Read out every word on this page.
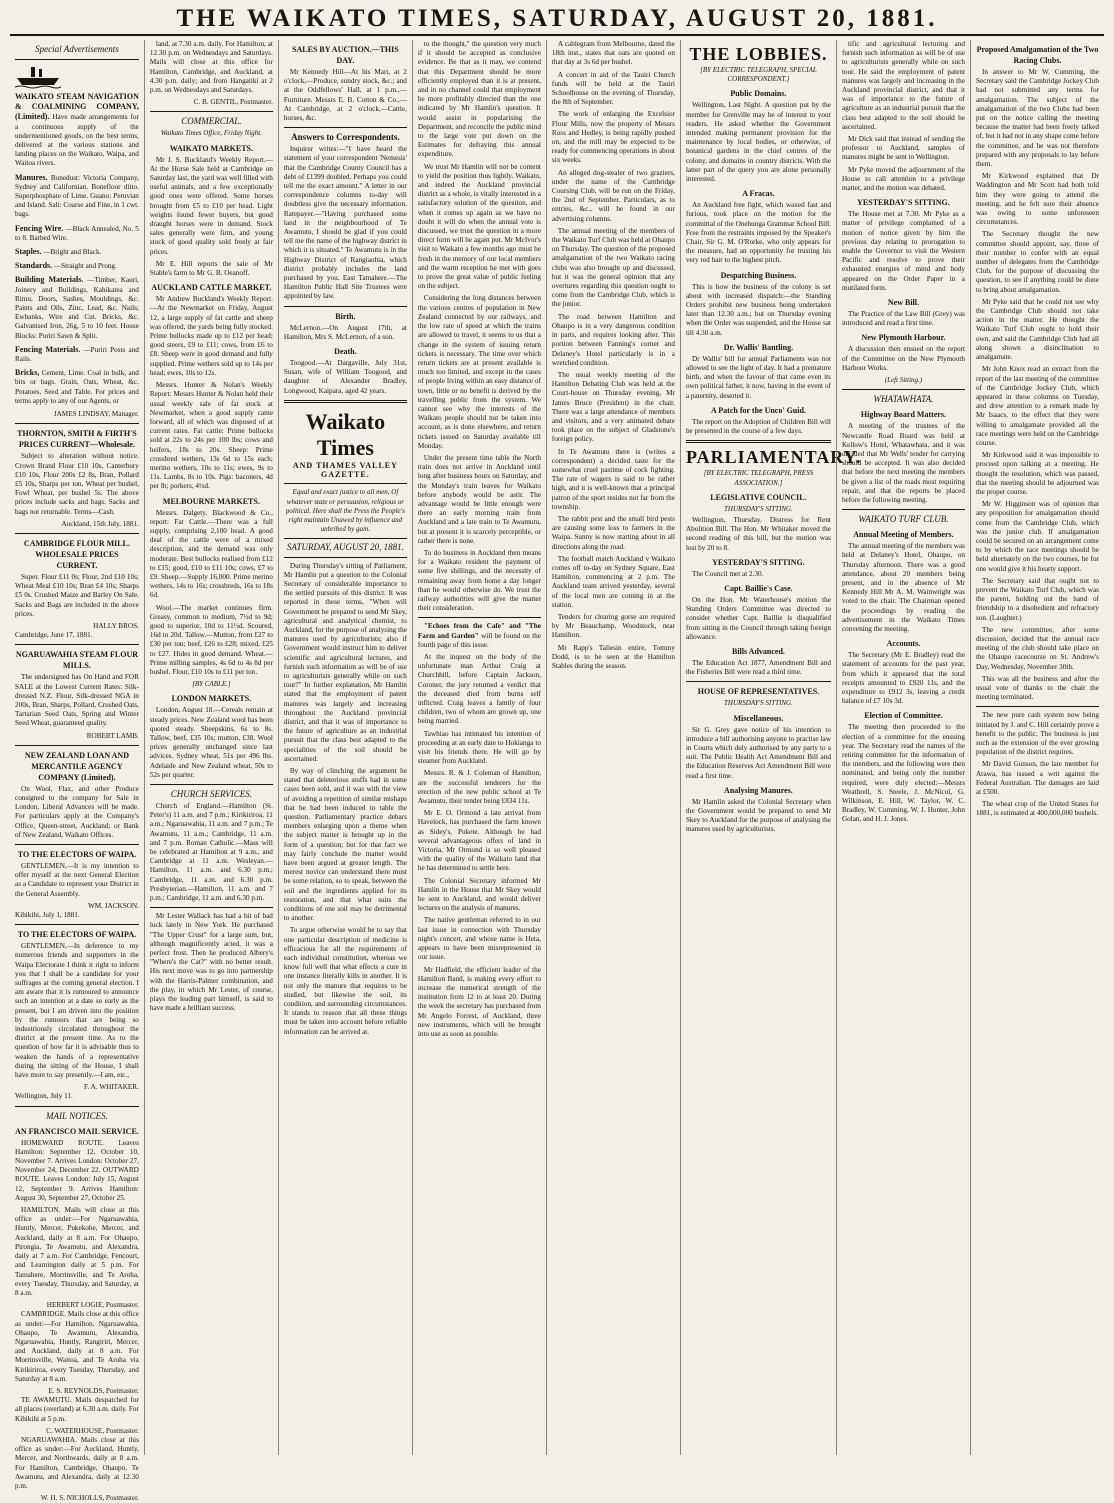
THE WAIKATO TIMES, SATURDAY, AUGUST 20, 1881.
Special Advertisements
WAIKATO STEAM NAVIGATION & COALMINING COMPANY, (Limited). Have made arrangements for a continuous supply of the undermentioned goods, on the best terms, delivered at the various stations and landing places on the Waikato, Waipa, and Waitoa rivers.
Manures. Bonedust: Victoria Company, Sydney and Californian. Bonefloor ditto. Superphosphate of Lime. Guano: Peruvian and Island. Salt: Coarse and Fine, in 1 cwt. bags.
Fencing Wire. —Black Annealed, No. 5 to 8. Barbed Wire.
Staples. —Bright and Black.
Standards. —Straight and Prong.
Building Materials. —Timber, Kauri, Joinery and Buildings, Kahikatea and Rimu, Doors, Sashes, Mouldings, &c. Paints and Oils, Zinc, Lead, &c. Nails; Ewbanks, Wire and Cut. Bricks, &c. Galvanised Iron, 26g, 5 to 10 feet. House Blocks: Puriri Sawn & Split.
Fencing Materials. —Puriri Posts and Rails.
Bricks, Cement, Lime. Coal in bulk, and bits or bags. Grain, Oats, Wheat, &c. Potatoes, Seed and Table. For prices and terms apply to any of our Agents, or
JAMES LINDSAY, Manager.
THORNTON, SMITH & FIRTH'S PRICES CURRENT—Wholesale.

Subject to alteration without notice. Crown Brand Flour £10 10s, Canterbury £10 10s, Flour 200s £2 8s, Bran, Pollard £5 10s, Sharps per ton, Wheat per bushel, Fowl Wheat, per bushel 5s. The above prices include sacks and bags. Sacks and bags not returnable. Terms—Cash.

Auckland, 15th July, 1881.
CAMBRIDGE FLOUR MILL. WHOLESALE PRICES CURRENT.

Super. Flour £11 0s; Flour, 2nd £10 10s; Wheat Meal £10 10s; Bran £4 10s; Sharps £5 0s. Crushed Maize and Barley On Sale. Sacks and Bags are included in the above prices.

HALLY BROS.
Cambridge, June 17, 1881.
NGARUAWAHIA STEAM FLOUR MILLS.

The undersigned has On Hand and FOR SALE at the Lowest Current Rates: Silk-dressed N.Z. Flour, Silk-dressed NGA in 200s, Bran, Sharps, Pollard, Crushed Oats, Tartarian Seed Oats, Spring and Winter Seed Wheat, guaranteed quality.

ROBERT LAMB.
NEW ZEALAND LOAN AND MERCANTILE AGENCY COMPANY (Limited).

On Wool, Flax, and other Produce consigned to the company for Sale in London, Liberal Advances will be made. For particulars apply at the Company's Office, Queen-street, Auckland; or Bank of New Zealand, Waikato Offices.

TO THE ELECTORS OF WAIPA.

GENTLEMEN,—It is my intention to offer myself at the next General Election as a Candidate to represent your District in the General Assembly.

WM. JACKSON.
Kihikihi, July 1, 1881.
TO THE ELECTORS OF WAIPA.

GENTLEMEN,—In deference to my numerous friends and supporters in the Waipa Electorate I think it right to inform you that I shall be a candidate for your suffrages at the coming general election. I am aware that it is rumoured to announce such an intention at a date so early as the present, but I am driven into the position by the rumours that are being so industriously circulated throughout the district at the present time. As to the question of how far it is advisable thus to weaken the hands of a representative during the sitting of the House, I shall have more to say presently.—I am, etc.,

F. A. WHITAKER.
Wellington, July 11.
MAIL NOTICES.
AN FRANCISCO MAIL SERVICE.

HOMEWARD ROUTE. Leaves Hamilton: September 12, October 10, November 7. Arrives London: October 27, November 24, December 22. OUTWARD ROUTE. Leaves London: July 15, August 12, September 9. Arrives Hamilton: August 30, September 27, October 25.

HAMILTON. Mails will close at this office as under:—For Ngaruawahia, Huntly, Mercer, Pukekohe, Mercer, and Auckland, daily at 8 a.m. For Ohaupo, Pirongia, Te Awamutu, and Alexandra, daily at 7 a.m. For Cambridge, Fencourt, and Leamington daily at 5 p.m. For Tamahere, Morrinsville, and Te Aroha, every Tuesday, Thursday, and Saturday, at 8 a.m.

HERBERT LOGIE, Postmaster.

CAMBRIDGE. Mails close at this office as under:—For Hamilton, Ngaruawahia, Ohaupo, Te Awamutu, Alexandra, Ngaruawahia, Huntly, Rangiriri, Mercer, and Auckland, daily at 8 a.m. For Morrinsville, Waitoa, and Te Aroha via Kirikiriroa, every Tuesday, Thursday, and Saturday at 8 a.m.

E. S. REYNOLDS, Postmaster.

TE AWAMUTU. Mails despatched for all places (overland) at 6.30 a.m. daily. For Kihikihi at 5 p.m.

C. WATERHOUSE, Postmaster.

NGARUAWAHIA. Mails close at this office as under:—For Auckland, Huntly, Mercer, and Northwards, daily at 8 a.m. For Hamilton, Cambridge, Ohaupo, Te Awamutu, and Alexandra, daily at 12.30 p.m.

W. H. S. NICHOLLS, Postmaster.

land, at 7.30 a.m. daily. For Hamilton, at 12.30 p.m. on Wednesdays and Saturdays. Mails will close at this office for Hamilton, Cambridge, and Auckland, at 4.30 p.m. daily; and from Hangatiki at 2 p.m. on Wednesdays and Saturdays.

C. B. GENTIL, Postmaster.
COMMERCIAL.
Waikato Times Office, Friday Night.
WAIKATO MARKETS.

Mr J. S. Buckland's Weekly Report.—At the Horse Sale held at Cambridge on Saturday last, the yard was well filled with useful animals, and a few exceptionally good ones were offered. Some horses brought from £5 to £10 per head. Light weights found fewer buyers, but good draught horses were in demand. Stock sales generally were firm, and young stock of good quality sold freely at fair prices.

Mr E. Hill reports the sale of Mr Stable's farm to Mr G. B. Oeanoff.

AUCKLAND CATTLE MARKET.

Mr Andrew Buckland's Weekly Report.—At the Newmarket on Friday, August 12, a large supply of fat cattle and sheep was offered, the yards being fully stocked. Prime bullocks made up to £12 per head; good steers, £9 to £11; cows, from £6 to £8. Sheep were in good demand and fully supplied. Prime wethers sold up to 14s per head; ewes, 10s to 12s.

Messrs. Hunter & Nolan's Weekly Report: Messrs Hunter & Nolan held their usual weekly sale of fat stock at Newmarket, when a good supply came forward, all of which was disposed of at current rates. Fat cattle: Prime bullocks sold at 22s to 24s per 100 lbs; cows and heifers, 18s to 20s. Sheep: Prime crossbred wethers, 13s 6d to 15s each; merino wethers, 10s to 11s; ewes, 9s to 11s. Lambs, 8s to 10s. Pigs: baconers, 4d per lb; porkers, 4½d.

MELBOURNE MARKETS.

Messrs. Dalgety, Blackwood & Co., report: Fat Cattle.—There was a full supply, comprising 2,100 head. A good deal of the cattle were of a mixed description, and the demand was only moderate. Best bullocks realised from £12 to £15; good, £10 to £11 10s; cows, £7 to £9. Sheep.—Supply 16,000. Prime merino wethers, 14s to 16s; crossbreds, 16s to 18s 6d.

Wool.—The market continues firm. Greasy, common to medium, 7½d to 9d; good to superior, 10d to 11½d. Scoured, 16d to 20d. Tallow.—Mutton, from £27 to £30 per ton; beef, £26 to £28; mixed, £25 to £27. Hides in good demand. Wheat.—Prime milling samples, 4s 6d to 4s 8d per bushel. Flour, £10 10s to £11 per ton.

[BY CABLE.]
LONDON MARKETS.

London, August 18.—Cereals remain at steady prices. New Zealand wool has been quoted steady. Sheepskins, 6s to 8s. Tallow, beef, £35 10s; mutton, £38. Wool prices generally unchanged since last advices. Sydney wheat, 51s per 496 lbs. Adelaide and New Zealand wheat, 50s to 52s per quarter.

CHURCH SERVICES.

Church of England.—Hamilton (St. Peter's) 11 a.m. and 7 p.m.; Kirikiriroa, 11 a.m.; Ngaruawahia, 11 a.m. and 7 p.m.; Te Awamutu, 11 a.m.; Cambridge, 11 a.m. and 7 p.m. Roman Catholic.—Mass will be celebrated at Hamilton at 9 a.m., and Cambridge at 11 a.m. Wesleyan.—Hamilton, 11 a.m. and 6.30 p.m.; Cambridge, 11 a.m. and 6.30 p.m. Presbyterian.—Hamilton, 11 a.m. and 7 p.m.; Cambridge, 11 a.m. and 6.30 p.m.

Mr Lester Wallack has had a bit of bad luck lately in New York. He purchased "The Upper Crust" for a large sum, but, although magnificently acted, it was a perfect frost. Then he produced Albery's "Where's the Cat?" with no better result. His next move was to go into partnership with the Harris-Palmer combination, and the play, in which Mr Lester, of course, plays the leading part himself, is said to have made a brilliant success.

SALES BY AUCTION.—THIS DAY.

Mr Kennedy Hill—At his Mart, at 2 o'clock,—Produce, sundry stock, &c.; and at the Oddfellows' Hall, at 1 p.m.,—Furniture. Messrs E. B. Cotton & Co.,—At Cambridge, at 2 o'clock,—Cattle, horses, &c.

Answers to Correspondents.

Inquirer writes:—"I have heard the statement of your correspondent 'Nemesis' that the Cambridge County Council has a debt of £1399 doubled. Perhaps you could tell me the exact amount." A letter in our correspondence columns to-day will doubtless give the necessary information. Ratepayer.—"Having purchased some land in the neighbourhood of Te Awamutu, I should be glad if you could tell me the name of the highway district in which it is situated." Te Awamutu is in the Highway District of Rangiaohia, which district probably includes the land purchased by you. East Tamahere.—The Hamilton Public Hall Site Trustees were appointed by law.

Birth.

McLernon.—On August 17th, at Hamilton, Mrs S. McLernon, of a son.

Death.

Toogood.—At Dargaville, July 31st, Susan, wife of William Toogood, and daughter of Alexander Bradley, Longwood, Kaipara, aged 42 years.

Waikato Times
AND THAMES VALLEY GAZETTE.
Equal and exact justice to all men, Of whatever state or persuasion, religious or political. Here shall the Press the People's right maintain Unawed by influence and unbribed by gain.
SATURDAY, AUGUST 20, 1881.

During Thursday's sitting of Parliament, Mr Hamlin put a question to the Colonial Secretary of considerable importance to the settled pursuits of this district. It was reported in these terms, "When will Government be prepared to send Mr Skey, agricultural and analytical chemist, to Auckland, for the purpose of analysing the manures used by agriculturists; also if Government would instruct him to deliver scientific and agricultural lectures, and furnish such information as will be of use to agriculturists generally while on such tour?" In further explanation, Mr Hamlin stated that the employment of patent manures was largely and increasing throughout the Auckland provincial district, and that it was of importance to the future of agriculture as an industrial pursuit that the class best adapted to the specialities of the soil should be ascertained.

By way of clinching the argument he stated that deleterious stuffs had in some cases been sold, and it was with the view of avoiding a repetition of similar mishaps that he had been induced to table the question. Parliamentary practice debars members enlarging upon a theme when the subject matter is brought up in the form of a question; but for that fact we may fairly conclude the matter would have been argued at greater length. The merest novice can understand there must be some relation, so to speak, between the soil and the ingredients applied for its restoration, and that what suits the conditions of one soil may be detrimental to another.

To argue otherwise would be to say that one particular description of medicine is efficacious for all the requirements of each individual constitution, whereas we know full well that what effects a cure in one instance literally kills in another. It is not only the manure that requires to be studied, but likewise the soil, its condition, and surrounding circumstances. It stands to reason that all these things must be taken into account before reliable information can be arrived at.

to the thought," the question very much if it should be accepted as conclusive evidence. Be that as it may, we contend that this Department should be more efficiently employed than it is at present, and in no channel could that employment be more profitably directed than the one indicated by Mr Hamlin's question. It would assist in popularising the Department, and reconcile the public mind to the large vote put down on the Estimates for defraying this annual expenditure.

We trust Mr Hamlin will not be content to yield the position thus lightly. Waikato, and indeed the Auckland provincial district as a whole, is vitally interested in a satisfactory solution of the question, and when it comes up again as we have no doubt it will do when the annual vote is discussed, we trust the question in a more direct form will be again put. Mr McIvor's visit to Waikato a few months ago must be fresh in the memory of our local members and the warm reception he met with goes to prove the great value of public feeling on the subject.

Considering the long distances between the various centres of population in New Zealand connected by our railways, and the low rate of speed at which the trains are allowed to travel, it seems to us that a change in the system of issuing return tickets is necessary. The time over which return tickets are at present available is much too limited, and except in the cases of people living within an easy distance of town, little or no benefit is derived by the travelling public from the system. We cannot see why the interests of the Waikato people should not be taken into account, as is done elsewhere, and return tickets issued on Saturday available till Monday.

Under the present time table the North train does not arrive in Auckland until long after business hours on Saturday, and the Monday's train leaves for Waikato before anybody would be astir. The advantage would be little enough were there an early morning train from Auckland and a late train to Te Awamutu, but at present it is scarcely perceptible, or rather there is none.

To do business in Auckland then means for a Waikato resident the payment of some five shillings, and the necessity of remaining away from home a day longer than he would otherwise do. We trust the railway authorities will give the matter their consideration.

"Echoes from the Cafe" and "The Farm and Garden" will be found on the fourth page of this issue.

At the inquest on the body of the unfortunate man Arthur Craig at Churchhill, before Captain Jackson, Coroner, the jury returned a verdict that the deceased died from burns self inflicted. Craig leaves a family of four children, two of whom are grown up, one being married.

Tawhiao has intimated his intention of proceeding at an early date to Hokianga to visit his friends there. He will go by steamer from Auckland.

Messrs. R. & J. Coleman of Hamilton, are the successful tenderers for the erection of the new public school at Te Awamutu, their tender being £834 11s.

Mr E. O. Ormond a late arrival from Havelock, has purchased the farm known as Sidey's, Pukete. Although he had several advantageous offers of land in Victoria, Mr Ormond is so well pleased with the quality of the Waikato land that he has determined to settle here.

The Colonial Secretary informed Mr Hamlin in the House that Mr Skey would be sent to Auckland, and would deliver lectures on the analysis of manures.

The native gentleman referred to in our last issue in connection with Thursday night's concert, and whose name is Heta, appears to have been misrepresented in our issue.

Mr Hadfield, the efficient leader of the Hamilton Band, is making every effort to increase the numerical strength of the institution from 12 to at least 20. During the week the secretary has purchased from Mr Angelo Forrest, of Auckland, three new instruments, which will be brought into use as soon as possible.

A cablegram from Melbourne, dated the 18th inst., states that oats are quoted on that day at 3s 6d per bushel.

A concert in aid of the Tauiri Church funds will be held at the Tauiri Schoolhouse on the evening of Thursday, the 8th of September.

The work of enlarging the Excelsior Flour Mills, now the property of Messrs Ross and Hedley, is being rapidly pushed on, and the mill may be expected to be ready for commencing operations in about six weeks.

An alleged dog-stealer of two graziers, under the name of the Cambridge Coursing Club, will be run on the Friday, the 2nd of September. Particulars, as to entries, &c., will be found in our advertising columns.

The annual meeting of the members of the Waikato Turf Club was held at Ohaupo on Thursday. The question of the proposed amalgamation of the two Waikato racing clubs was also brought up and discussed, but it was the general opinion that any overtures regarding this question ought to come from the Cambridge Club, which is the junior.

The road between Hamilton and Ohaupo is in a very dangerous condition in parts, and requires looking after. This portion between Fanning's corner and Delaney's Hotel particularly is in a wretched condition.

The usual weekly meeting of the Hamilton Debating Club was held at the Court-house on Thursday evening, Mr James Bruce (President) in the chair. There was a large attendance of members and visitors, and a very animated debate took place on the subject of Gladstone's foreign policy.

In Te Awamutu there is (writes a correspondent) a decided taste for the somewhat cruel pastime of cock fighting. The rate of wagers is said to be rather high, and it is well-known that a principal patron of the sport resides not far from the township.

The rabbit pest and the small bird pests are causing some loss to farmers in the Waipa. Sunny is now starting about in all directions along the road.

The football match Auckland v Waikato comes off to-day on Sydney Square, East Hamilton, commencing at 2 p.m. The Auckland team arrived yesterday, several of the local men are coming in at the station.

Tenders for clearing gorse are required by Mr Beauchamp, Woodstock, near Hamilton.

Mr Rapp's Taliesin entire, Tommy Dodd, is to be seen at the Hamilton Stables during the season.

THE LOBBIES.
[BY ELECTRIC TELEGRAPH, SPECIAL CORRESPONDENT.]
Public Domains.

Wellington, Last Night. A question put by the member for Grenville may be of interest to your readers. He asked whether the Government intended making permanent provision for the maintenance by local bodies, or otherwise, of botanical gardens in the chief centres of the colony, and domains in country districts. With the latter part of the query you are alone personally interested.

A Fracas.

An Auckland free fight, which waxed fast and furious, took place on the motion for the committal of the Onehunga Grammar School Bill. Free from the restraints imposed by the Speaker's Chair, Sir G. M. O'Rorke, who only appears for the measure, had an opportunity for trusting his very red hair to the highest pitch.

Despatching Business.

This is how the business of the colony is set about with increased dispatch:—the Standing Orders prohibit new business being undertaken later than 12.30 a.m.; but on Thursday evening when the Order was suspended, and the House sat till 4.30 a.m.

Dr. Wallis' Bantling.

Dr Wallis' bill for annual Parliaments was not allowed to see the light of day. It had a premature birth, and when the favour of that came even its own political father, it now, having in the event of a paternity, deserted it.

A Patch for the Unco' Guid.

The report on the Adoption of Children Bill will be presented in the course of a few days.

PARLIAMENTARY.
[BY ELECTRIC TELEGRAPH, PRESS ASSOCIATION.]
LEGISLATIVE COUNCIL.
THURSDAY'S SITTING.

Wellington, Thursday. Distress for Rent Abolition Bill. The Hon. Mr Whitaker moved the second reading of this bill, but the motion was lost by 20 to 8.

YESTERDAY'S SITTING.

The Council met at 2.30.

Capt. Baillie's Case.

On the Hon. Mr Waterhouse's motion the Standing Orders Committee was directed to consider whether Capt. Baillie is disqualified from sitting in the Council through taking foreign allowance.

Bills Advanced.

The Education Act 1877, Amendment Bill and the Fisheries Bill were read a third time.

HOUSE OF REPRESENTATIVES.
THURSDAY'S SITTING.
Miscellaneous.

Sir G. Grey gave notice of his intention to introduce a bill authorising anyone to practise law in Courts which duly authorised by any party to a suit. The Public Health Act Amendment Bill and the Education Reserves Act Amendment Bill were read a first time.

Analysing Manures.

Mr Hamlin asked the Colonial Secretary when the Government would be prepared to send Mr Skey to Auckland for the purpose of analysing the manures used by agriculturists.

tific and agricultural lecturing and furnish such information as will be of use to agriculturists generally while on such tour. He said the employment of patent manures was largely and increasing in the Auckland provincial district, and that it was of importance to the future of agriculture as an industrial pursuit that the class best adapted to the soil should be ascertained.

Mr Dick said that instead of sending the professor to Auckland, samples of manures might be sent to Wellington.

Mr Pyke moved the adjournment of the House to call attention to a privilege matter, and the motion was debated.

YESTERDAY'S SITTING.

The House met at 7.30. Mr Pyke as a matter of privilege complained of a motion of notice given by him the previous day relating to prorogation to enable the Governor to visit the Western Pacific and resolve to prove their exhausted energies of mind and body appeared on the Order Paper in a mutilated form.

New Bill.

The Practice of the Law Bill (Grey) was introduced and read a first time.

New Plymouth Harbour.

A discussion then ensued on the report of the Committee on the New Plymouth Harbour Works.

(Left Sitting.)
WHATAWHATA.
Highway Board Matters.

A meeting of the trustees of the Newcastle Road Board was held at Kellow's Hotel, Whatawhata, and it was decided that Mr Wells' tender for carrying should be accepted. It was also decided that before the next meeting the members be given a list of the roads most requiring repair, and that the reports be placed before the following meeting.

WAIKATO TURF CLUB.
Annual Meeting of Members.

The annual meeting of the members was held at Delaney's Hotel, Ohaupo, on Thursday afternoon. There was a good attendance, about 20 members being present, and in the absence of Mr Kennedy Hill Mr A. M. Wainwright was voted to the chair. The Chairman opened the proceedings by reading the advertisement in the Waikato Times convening the meeting.

Accounts.

The Secretary (Mr E. Bradley) read the statement of accounts for the past year, from which it appeared that the total receipts amounted to £920 11s, and the expenditure to £912 3s, leaving a credit balance of £7 10s 3d.

Election of Committee.

The meeting then proceeded to the election of a committee for the ensuing year. The Secretary read the names of the retiring committee for the information of the members, and the following were then nominated, and being only the number required, were duly elected:—Messrs Weathrell, S. Steele, J. McNicol, G. Wilkinson, E. Hill, W. Taylor, W. C. Bradley, W. Cumming, W. J. Hunter, John Golan, and H. J. Jones.

Proposed Amalgamation of the Two Racing Clubs.

In answer to Mr W. Cumming, the Secretary said the Cambridge Jockey Club had not submitted any terms for amalgamation. The subject of the amalgamation of the two Clubs had been put on the notice calling the meeting because the matter had been freely talked of, but it had not in any shape come before the committee, and he was not therefore prepared with any proposals to lay before them.

Mr Kirkwood explained that Dr Waddington and Mr Scott had both told him they were going to attend the meeting, and he felt sure their absence was owing to some unforeseen circumstances.

The Secretary thought the new committee should appoint, say, three of their number to confer with an equal number of delegates from the Cambridge Club, for the purpose of discussing the question, to see if anything could be done to bring about amalgamation.

Mr Pyke said that he could not see why the Cambridge Club should not take action in the matter. He thought the Waikato Turf Club ought to hold their own, and said the Cambridge Club had all along shown a disinclination to amalgamate.

Mr John Knox read an extract from the report of the last meeting of the committee of the Cambridge Jockey Club, which appeared in these columns on Tuesday, and drew attention to a remark made by Mr Isaacs, to the effect that they were willing to amalgamate provided all the race meetings were held on the Cambridge course.

Mr Kirkwood said it was impossible to proceed upon talking at a meeting. He thought the resolution, which was passed, that the meeting should be adjourned was the proper course.

Mr W. Higginson was of opinion that any proposition for amalgamation should come from the Cambridge Club, which was the junior club. If amalgamation could be secured on an arrangement come to by which the race meetings should be held alternately on the two courses, he for one would give it his hearty support.

The Secretary said that ought not to prevent the Waikato Turf Club, which was the parent, holding out the hand of friendship to a disobedient and refractory son. (Laughter.)

The new committee, after some discussion, decided that the annual race meeting of the club should take place on the Ohaupo racecourse on St. Andrew's Day, Wednesday, November 30th.

This was all the business and after the usual vote of thanks to the chair the meeting terminated.

The new pure cash system now being initiated by J. and C. Hill certainly prove a benefit to the public. The business is just such as the extension of the ever growing population of the district requires.

Mr David Gunson, the late member for Arawa, has issued a writ against the Federal Australian. The damages are laid at £500.

The wheat crop of the United States for 1881, is estimated at 400,000,000 bushels.
